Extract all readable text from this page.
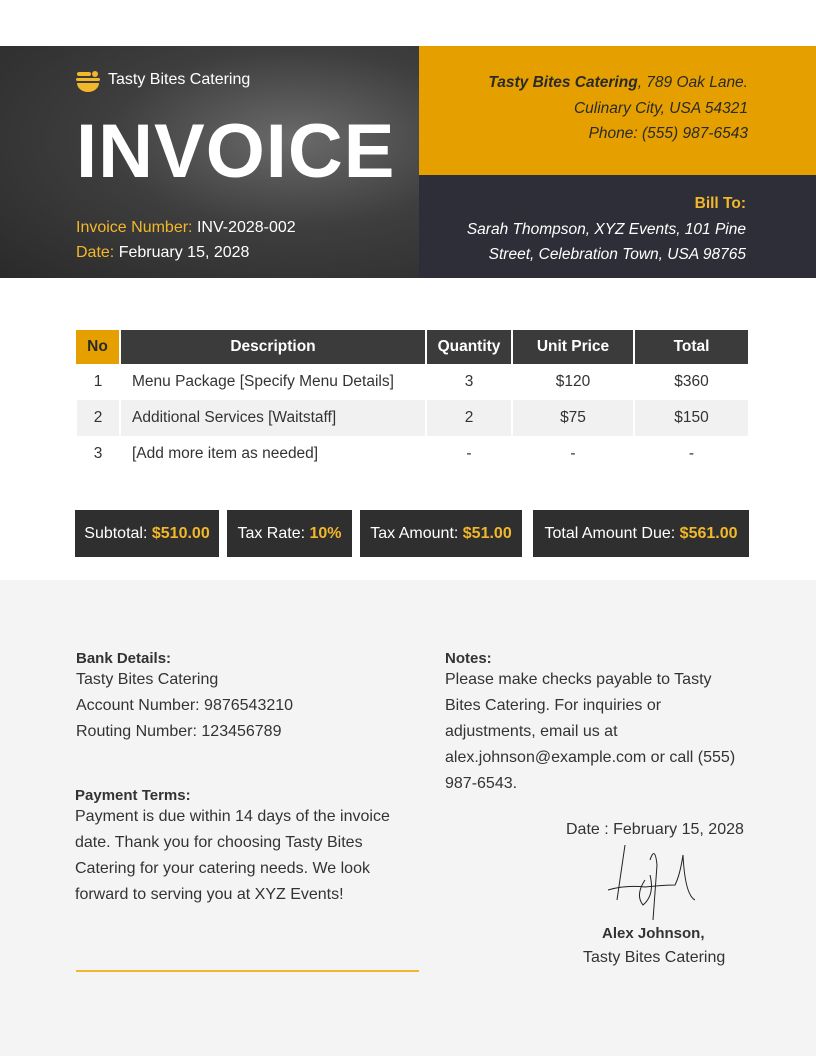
Tasty Bites Catering
INVOICE
Invoice Number: INV-2028-002
Date: February 15, 2028
Tasty Bites Catering, 789 Oak Lane. Culinary City, USA 54321
Phone: (555) 987-6543
Bill To:
Sarah Thompson, XYZ Events, 101 Pine Street, Celebration Town, USA 98765
No	Description	Quantity	Unit Price	Total
1	Menu Package [Specify Menu Details]	3	$120	$360
2	Additional Services [Waitstaff]	2	$75	$150
3	[Add more item as needed]	-	-	-
Subtotal: $510.00	Tax Rate: 10%	Tax Amount: $51.00	Total Amount Due: $561.00
Bank Details:
Tasty Bites Catering
Account Number: 9876543210
Routing Number: 123456789
Payment Terms:
Payment is due within 14 days of the invoice date. Thank you for choosing Tasty Bites Catering for your catering needs. We look forward to serving you at XYZ Events!
Notes:
Please make checks payable to Tasty Bites Catering. For inquiries or adjustments, email us at alex.johnson@example.com or call (555) 987-6543.
Date : February 15, 2028
Alex Johnson,
Tasty Bites Catering
